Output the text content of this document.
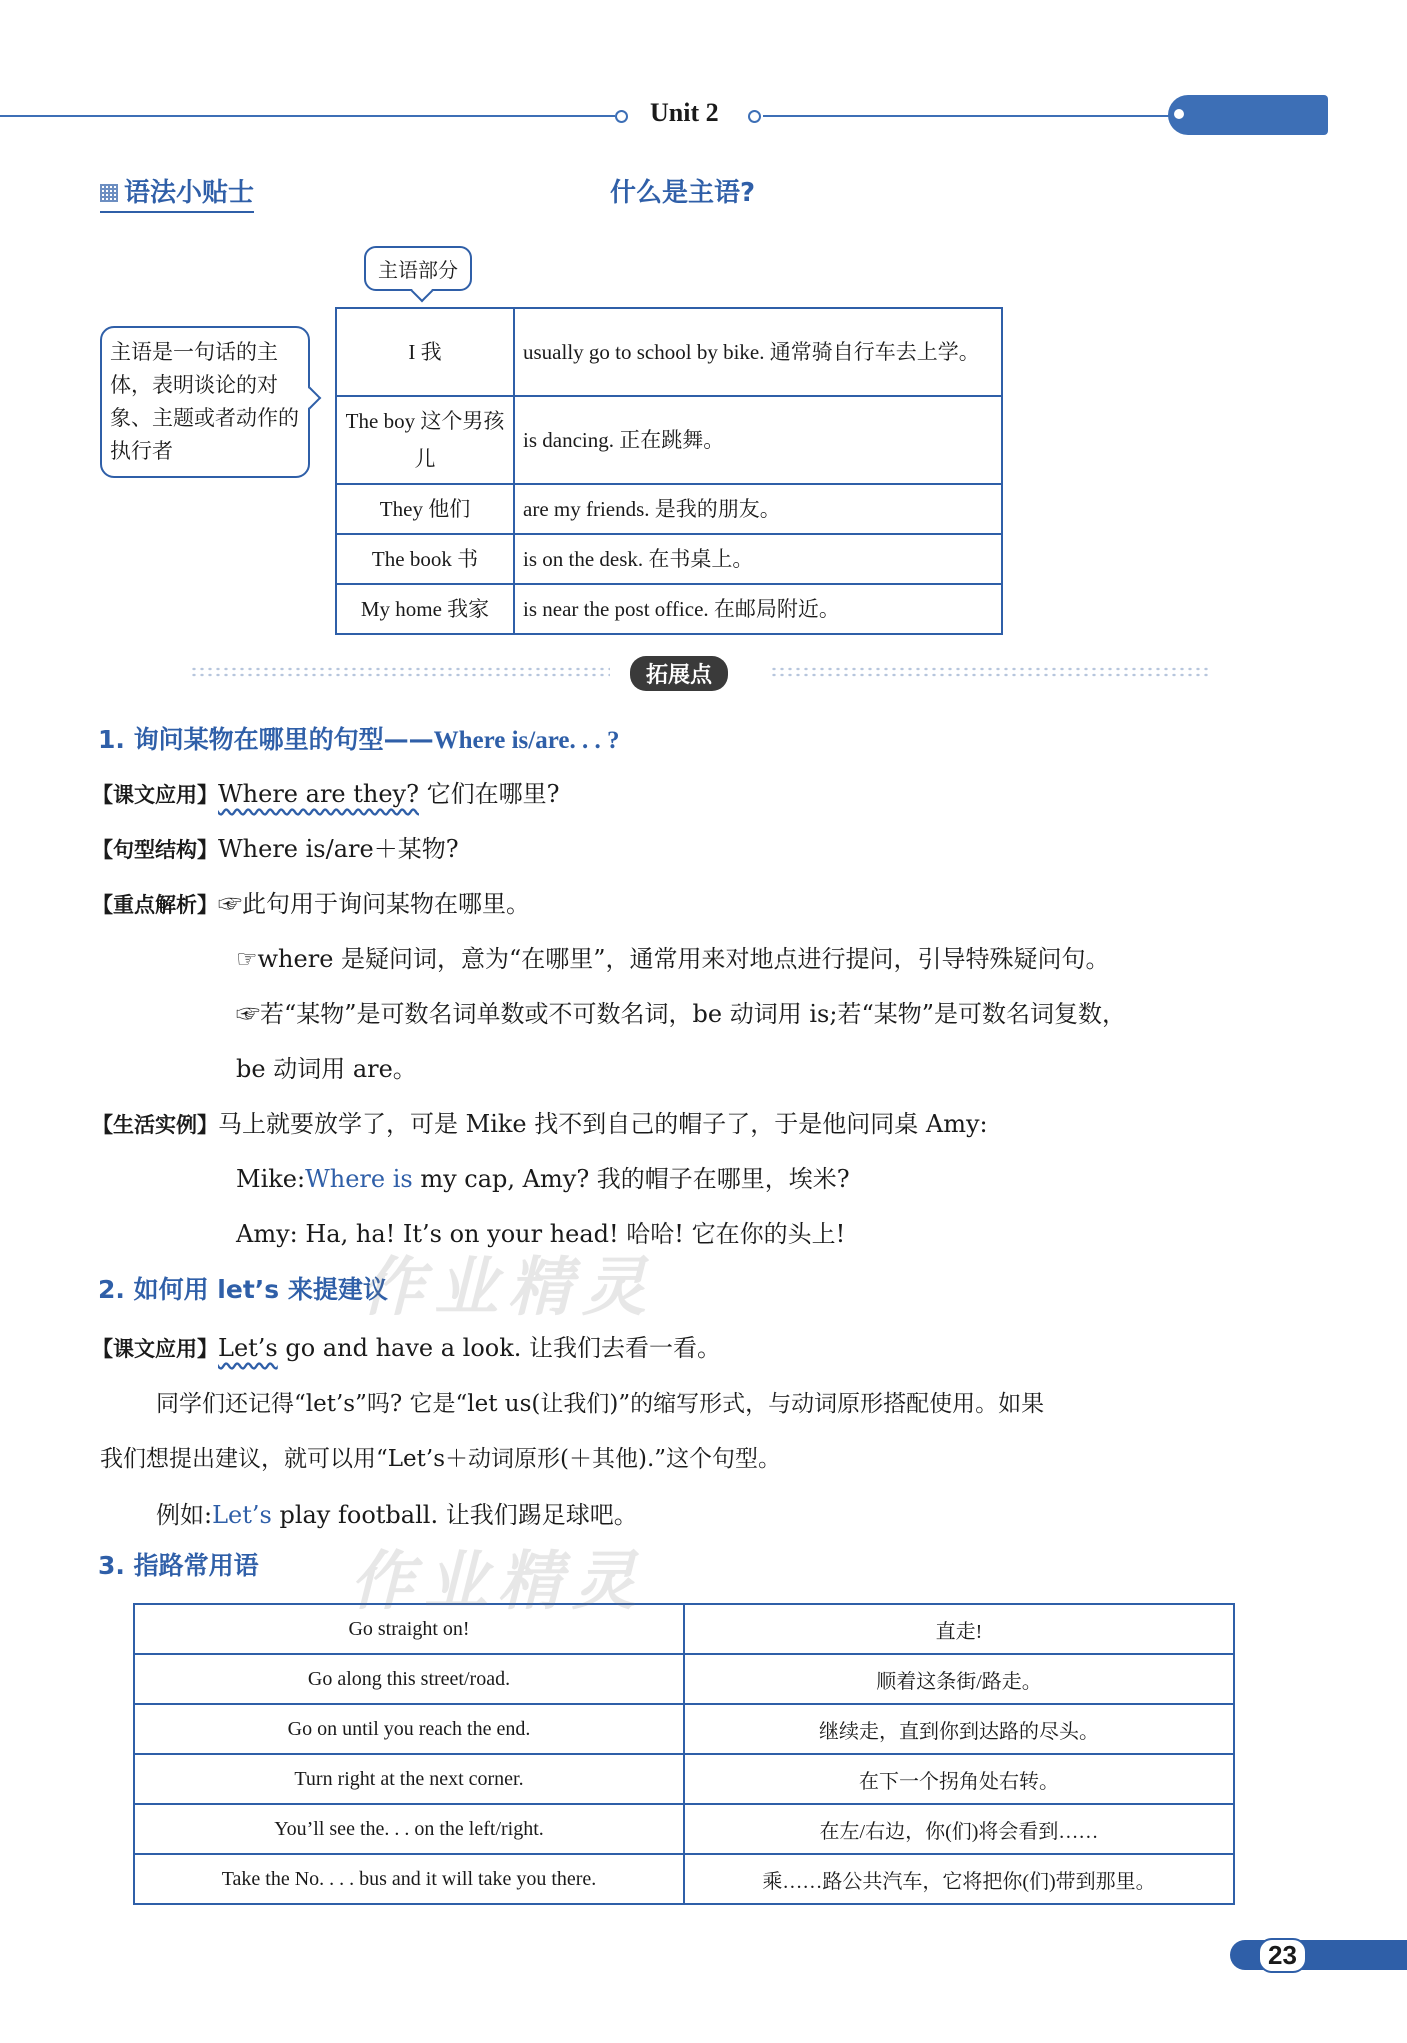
Unit 2
语法小贴士	什么是主语?
主语部分
主语是一句话的主体，表明谈论的对象、主题或者动作的执行者
I 我	usually go to school by bike. 通常骑自行车去上学。
The boy 这个男孩儿	is dancing. 正在跳舞。
They 他们	are my friends. 是我的朋友。
The book 书	is on the desk. 在书桌上。
My home 我家	is near the post office. 在邮局附近。
拓展点
1. 询问某物在哪里的句型——Where is/are. . . ?
【课文应用】Where are they? 它们在哪里?
【句型结构】Where is/are＋某物?
【重点解析】☞此句用于询问某物在哪里。
☞where 是疑问词，意为“在哪里”，通常用来对地点进行提问，引导特殊疑问句。
☞若“某物”是可数名词单数或不可数名词，be 动词用 is;若“某物”是可数名词复数，
be 动词用 are。
【生活实例】马上就要放学了，可是 Mike 找不到自己的帽子了，于是他问同桌 Amy:
Mike:Where is my cap, Amy? 我的帽子在哪里，埃米?
Amy: Ha, ha! It’s on your head! 哈哈! 它在你的头上!
2. 如何用 let’s 来提建议
【课文应用】Let’s go and have a look. 让我们去看一看。
同学们还记得“let’s”吗? 它是“let us(让我们)”的缩写形式，与动词原形搭配使用。如果
我们想提出建议，就可以用“Let’s＋动词原形(＋其他).”这个句型。
例如:Let’s play football. 让我们踢足球吧。
3. 指路常用语
Go straight on!	直走!
Go along this street/road.	顺着这条街/路走。
Go on until you reach the end.	继续走，直到你到达路的尽头。
Turn right at the next corner.	在下一个拐角处右转。
You’ll see the. . . on the left/right.	在左/右边，你(们)将会看到……
Take the No. . . . bus and it will take you there.	乘……路公共汽车，它将把你(们)带到那里。
作业精灵
作业精灵
23
